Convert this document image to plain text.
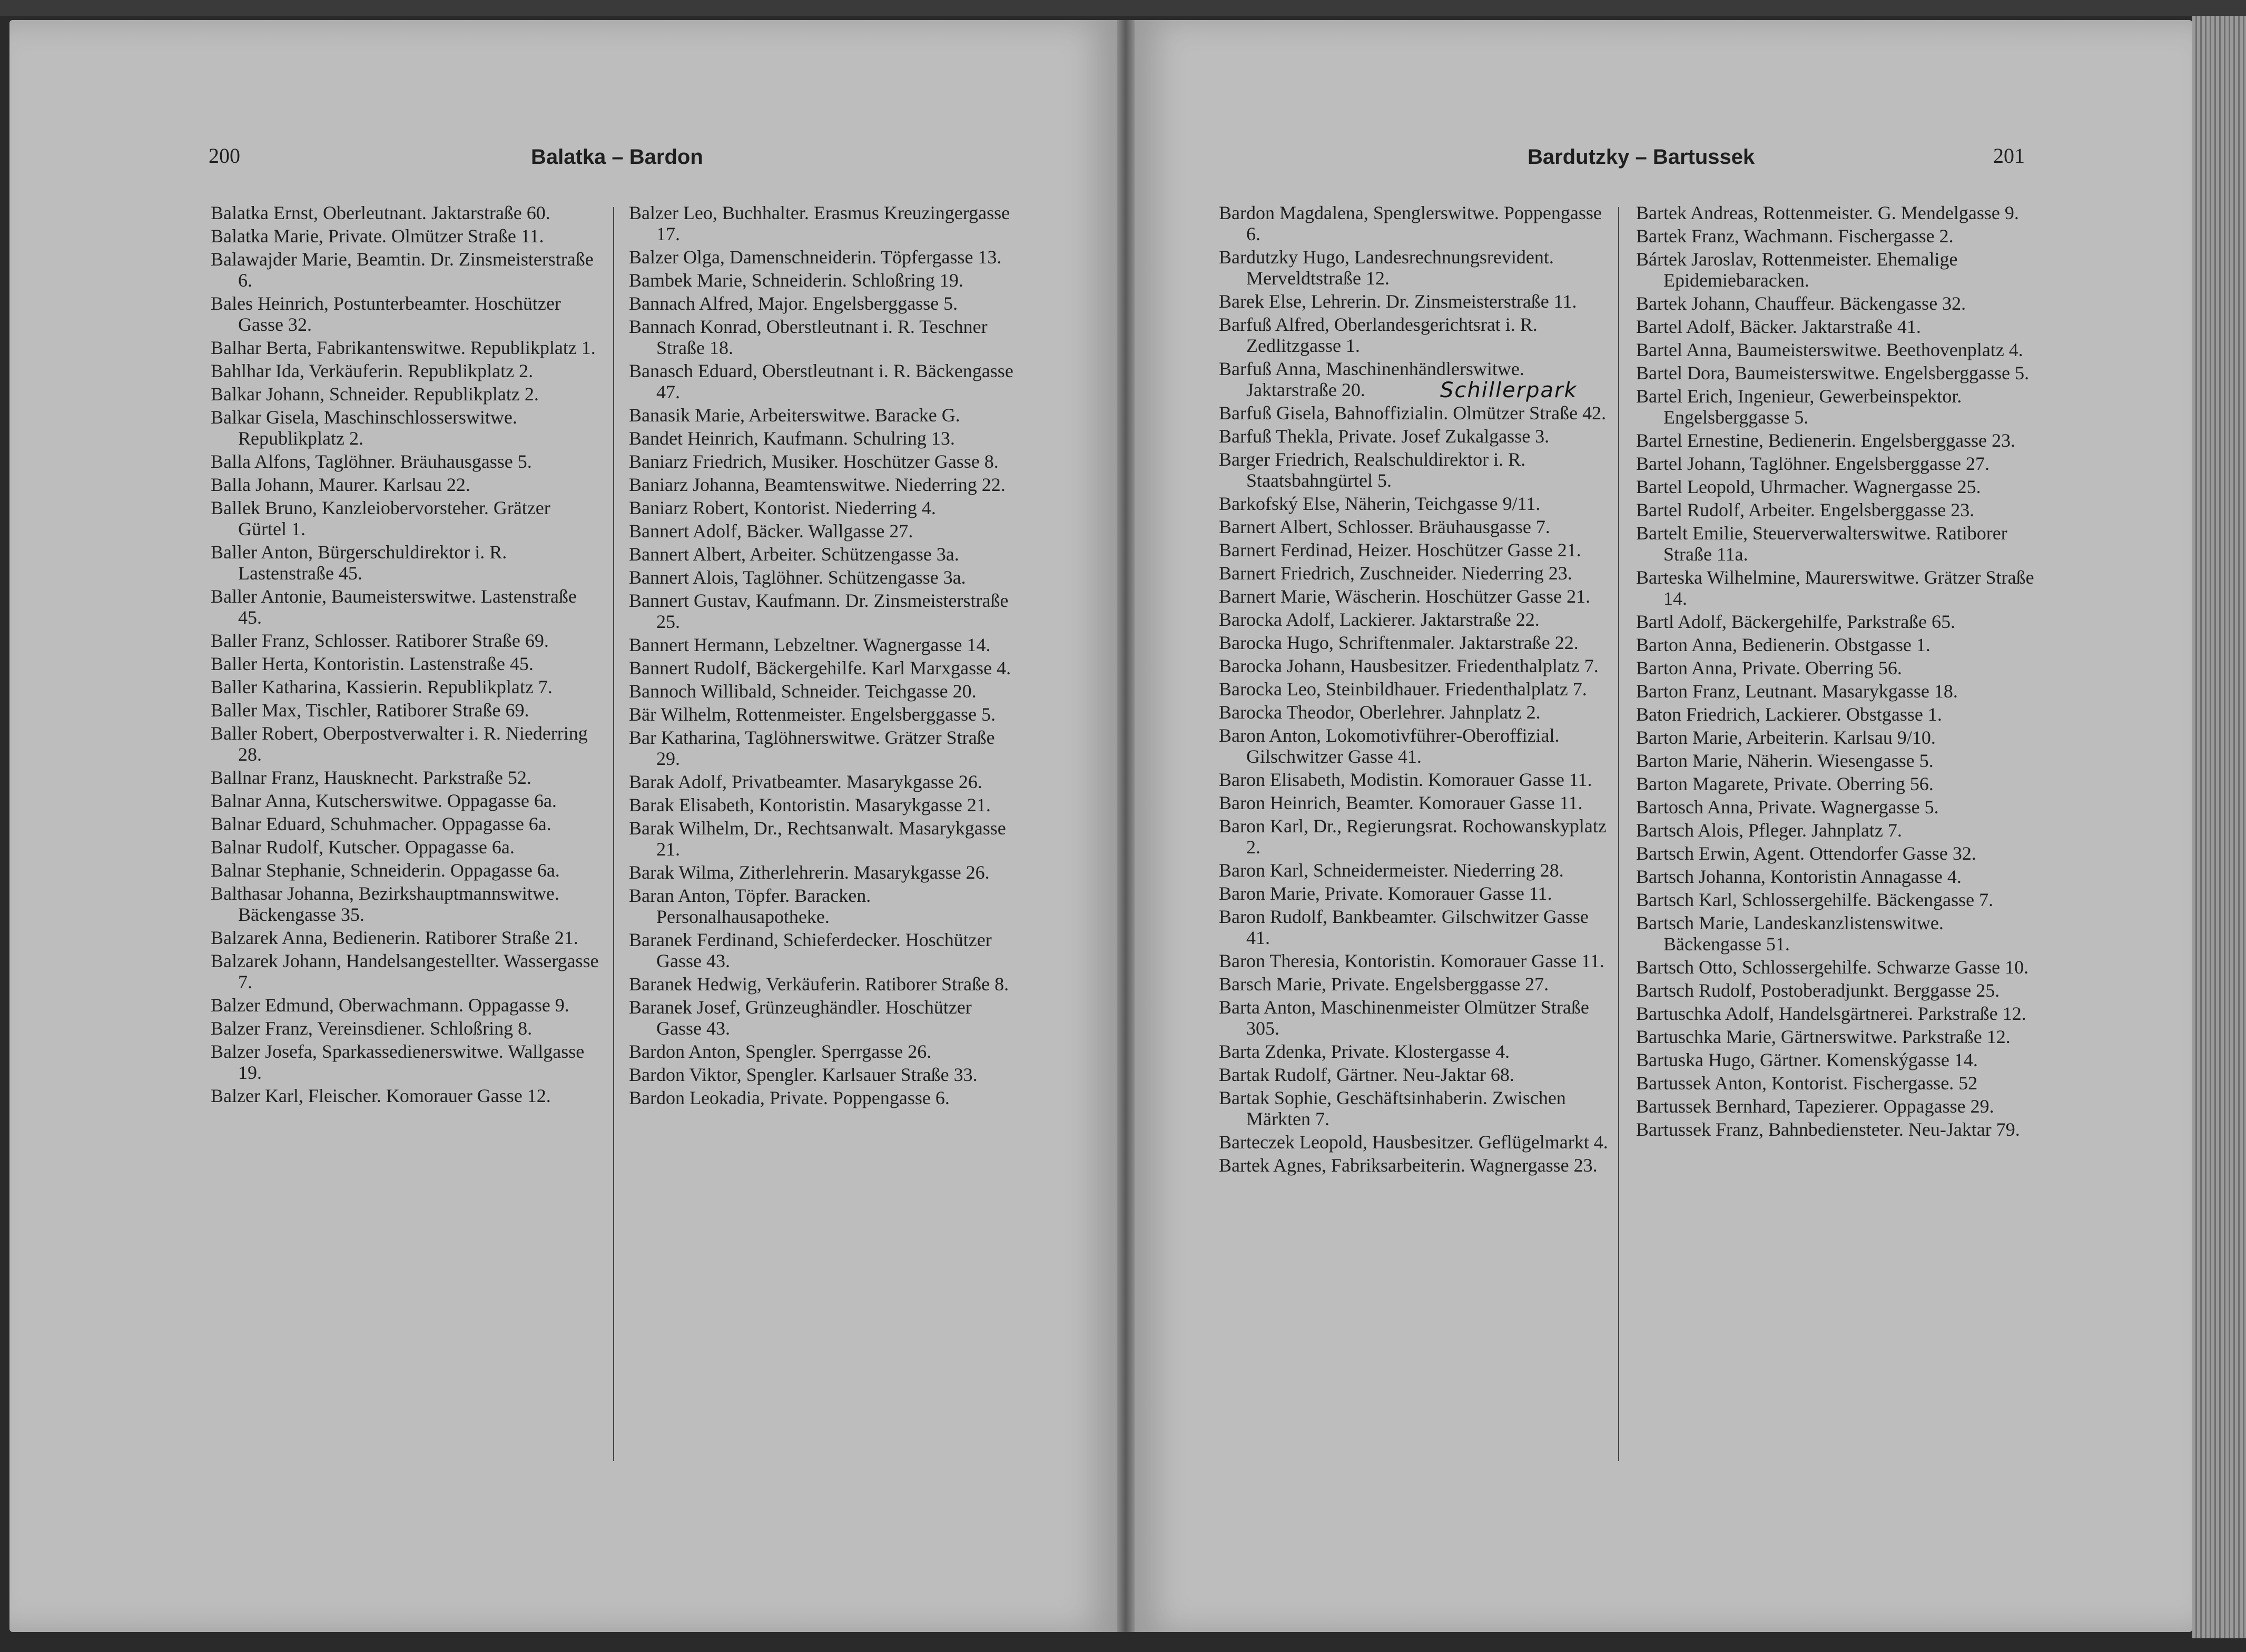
200	Balatka – Bardon
Balatka Ernst, Oberleutnant. Jaktarstraße 60.
Balatka Marie, Private. Olmützer Straße 11.
Balawajder Marie, Beamtin. Dr. Zinsmeisterstraße 6.
Bales Heinrich, Postunterbeamter. Hoschützer Gasse 32.
Balhar Berta, Fabrikantenswitwe. Republikplatz 1.
Bahlhar Ida, Verkäuferin. Republikplatz 2.
Balkar Johann, Schneider. Republikplatz 2.
Balkar Gisela, Maschinschlosserswitwe. Republikplatz 2.
Balla Alfons, Taglöhner. Bräuhausgasse 5.
Balla Johann, Maurer. Karlsau 22.
Ballek Bruno, Kanzleiobervorsteher. Grätzer Gürtel 1.
Baller Anton, Bürgerschuldirektor i. R. Lastenstraße 45.
Baller Antonie, Baumeisterswitwe. Lastenstraße 45.
Baller Franz, Schlosser. Ratiborer Straße 69.
Baller Herta, Kontoristin. Lastenstraße 45.
Baller Katharina, Kassierin. Republikplatz 7.
Baller Max, Tischler, Ratiborer Straße 69.
Baller Robert, Oberpostverwalter i. R. Niederring 28.
Ballnar Franz, Hausknecht. Parkstraße 52.
Balnar Anna, Kutscherswitwe. Oppagasse 6a.
Balnar Eduard, Schuhmacher. Oppagasse 6a.
Balnar Rudolf, Kutscher. Oppagasse 6a.
Balnar Stephanie, Schneiderin. Oppagasse 6a.
Balthasar Johanna, Bezirkshauptmannswitwe. Bäckengasse 35.
Balzarek Anna, Bedienerin. Ratiborer Straße 21.
Balzarek Johann, Handelsangestellter. Wassergasse 7.
Balzer Edmund, Oberwachmann. Oppagasse 9.
Balzer Franz, Vereinsdiener. Schloßring 8.
Balzer Josefa, Sparkassedienerswitwe. Wallgasse 19.
Balzer Karl, Fleischer. Komorauer Gasse 12.
Balzer Leo, Buchhalter. Erasmus Kreuzingergasse 17.
Balzer Olga, Damenschneiderin. Töpfergasse 13.
Bambek Marie, Schneiderin. Schloßring 19.
Bannach Alfred, Major. Engelsberggasse 5.
Bannach Konrad, Oberstleutnant i. R. Teschner Straße 18.
Banasch Eduard, Oberstleutnant i. R. Bäckengasse 47.
Banasik Marie, Arbeiterswitwe. Baracke G.
Bandet Heinrich, Kaufmann. Schulring 13.
Baniarz Friedrich, Musiker. Hoschützer Gasse 8.
Baniarz Johanna, Beamtenswitwe. Niederring 22.
Baniarz Robert, Kontorist. Niederring 4.
Bannert Adolf, Bäcker. Wallgasse 27.
Bannert Albert, Arbeiter. Schützengasse 3a.
Bannert Alois, Taglöhner. Schützengasse 3a.
Bannert Gustav, Kaufmann. Dr. Zinsmeisterstraße 25.
Bannert Hermann, Lebzeltner. Wagnergasse 14.
Bannert Rudolf, Bäckergehilfe. Karl Marxgasse 4.
Bannoch Willibald, Schneider. Teichgasse 20.
Bär Wilhelm, Rottenmeister. Engelsberggasse 5.
Bar Katharina, Taglöhnerswitwe. Grätzer Straße 29.
Barak Adolf, Privatbeamter. Masarykgasse 26.
Barak Elisabeth, Kontoristin. Masarykgasse 21.
Barak Wilhelm, Dr., Rechtsanwalt. Masarykgasse 21.
Barak Wilma, Zitherlehrerin. Masarykgasse 26.
Baran Anton, Töpfer. Baracken. Personalhausapotheke.
Baranek Ferdinand, Schieferdecker. Hoschützer Gasse 43.
Baranek Hedwig, Verkäuferin. Ratiborer Straße 8.
Baranek Josef, Grünzeughändler. Hoschützer Gasse 43.
Bardon Anton, Spengler. Sperrgasse 26.
Bardon Viktor, Spengler. Karlsauer Straße 33.
Bardon Leokadia, Private. Poppengasse 6.
Bardutzky – Bartussek	201
Bardon Magdalena, Spenglerswitwe. Poppengasse 6.
Bardutzky Hugo, Landesrechnungsrevident. Merveldtstraße 12.
Barek Else, Lehrerin. Dr. Zinsmeisterstraße 11.
Barfuß Alfred, Oberlandesgerichtsrat i. R. Zedlitzgasse 1.
Barfuß Anna, Maschinenhändlerswitwe. Jaktarstraße 20.
Barfuß Gisela, Bahnoffizialin. Olmützer Straße 42.
Barfuß Thekla, Private. Josef Zukalgasse 3.
Barger Friedrich, Realschuldirektor i. R. Staatsbahngürtel 5.
Barkofský Else, Näherin, Teichgasse 9/11.
Barnert Albert, Schlosser. Bräuhausgasse 7.
Barnert Ferdinad, Heizer. Hoschützer Gasse 21.
Barnert Friedrich, Zuschneider. Niederring 23.
Barnert Marie, Wäscherin. Hoschützer Gasse 21.
Barocka Adolf, Lackierer. Jaktarstraße 22.
Barocka Hugo, Schriftenmaler. Jaktarstraße 22.
Barocka Johann, Hausbesitzer. Friedenthalplatz 7.
Barocka Leo, Steinbildhauer. Friedenthalplatz 7.
Barocka Theodor, Oberlehrer. Jahnplatz 2.
Baron Anton, Lokomotivführer-Oberoffizial. Gilschwitzer Gasse 41.
Baron Elisabeth, Modistin. Komorauer Gasse 11.
Baron Heinrich, Beamter. Komorauer Gasse 11.
Baron Karl, Dr., Regierungsrat. Rochowanskyplatz 2.
Baron Karl, Schneidermeister. Niederring 28.
Baron Marie, Private. Komorauer Gasse 11.
Baron Rudolf, Bankbeamter. Gilschwitzer Gasse 41.
Baron Theresia, Kontoristin. Komorauer Gasse 11.
Barsch Marie, Private. Engelsberggasse 27.
Barta Anton, Maschinenmeister Olmützer Straße 305.
Barta Zdenka, Private. Klostergasse 4.
Bartak Rudolf, Gärtner. Neu-Jaktar 68.
Bartak Sophie, Geschäftsinhaberin. Zwischen Märkten 7.
Barteczek Leopold, Hausbesitzer. Geflügelmarkt 4.
Bartek Agnes, Fabriksarbeiterin. Wagnergasse 23.
Bartek Andreas, Rottenmeister. G. Mendelgasse 9.
Bartek Franz, Wachmann. Fischergasse 2.
Bártek Jaroslav, Rottenmeister. Ehemalige Epidemiebaracken.
Bartek Johann, Chauffeur. Bäckengasse 32.
Bartel Adolf, Bäcker. Jaktarstraße 41.
Bartel Anna, Baumeisterswitwe. Beethovenplatz 4.
Bartel Dora, Baumeisterswitwe. Engelsberggasse 5.
Bartel Erich, Ingenieur, Gewerbeinspektor. Engelsberggasse 5.
Bartel Ernestine, Bedienerin. Engelsberggasse 23.
Bartel Johann, Taglöhner. Engelsberggasse 27.
Bartel Leopold, Uhrmacher. Wagnergasse 25.
Bartel Rudolf, Arbeiter. Engelsberggasse 23.
Bartelt Emilie, Steuerverwalterswitwe. Ratiborer Straße 11a.
Barteska Wilhelmine, Maurerswitwe. Grätzer Straße 14.
Bartl Adolf, Bäckergehilfe, Parkstraße 65.
Barton Anna, Bedienerin. Obstgasse 1.
Barton Anna, Private. Oberring 56.
Barton Franz, Leutnant. Masarykgasse 18.
Baton Friedrich, Lackierer. Obstgasse 1.
Barton Marie, Arbeiterin. Karlsau 9/10.
Barton Marie, Näherin. Wiesengasse 5.
Barton Magarete, Private. Oberring 56.
Bartosch Anna, Private. Wagnergasse 5.
Bartsch Alois, Pfleger. Jahnplatz 7.
Bartsch Erwin, Agent. Ottendorfer Gasse 32.
Bartsch Johanna, Kontoristin Annagasse 4.
Bartsch Karl, Schlossergehilfe. Bäckengasse 7.
Bartsch Marie, Landeskanzlistenswitwe. Bäckengasse 51.
Bartsch Otto, Schlossergehilfe. Schwarze Gasse 10.
Bartsch Rudolf, Postoberadjunkt. Berggasse 25.
Bartuschka Adolf, Handelsgärtnerei. Parkstraße 12.
Bartuschka Marie, Gärtnerswitwe. Parkstraße 12.
Bartuska Hugo, Gärtner. Komenskýgasse 14.
Bartussek Anton, Kontorist. Fischergasse. 52
Bartussek Bernhard, Tapezierer. Oppagasse 29.
Bartussek Franz, Bahnbediensteter. Neu-Jaktar 79.
Schillerpark
